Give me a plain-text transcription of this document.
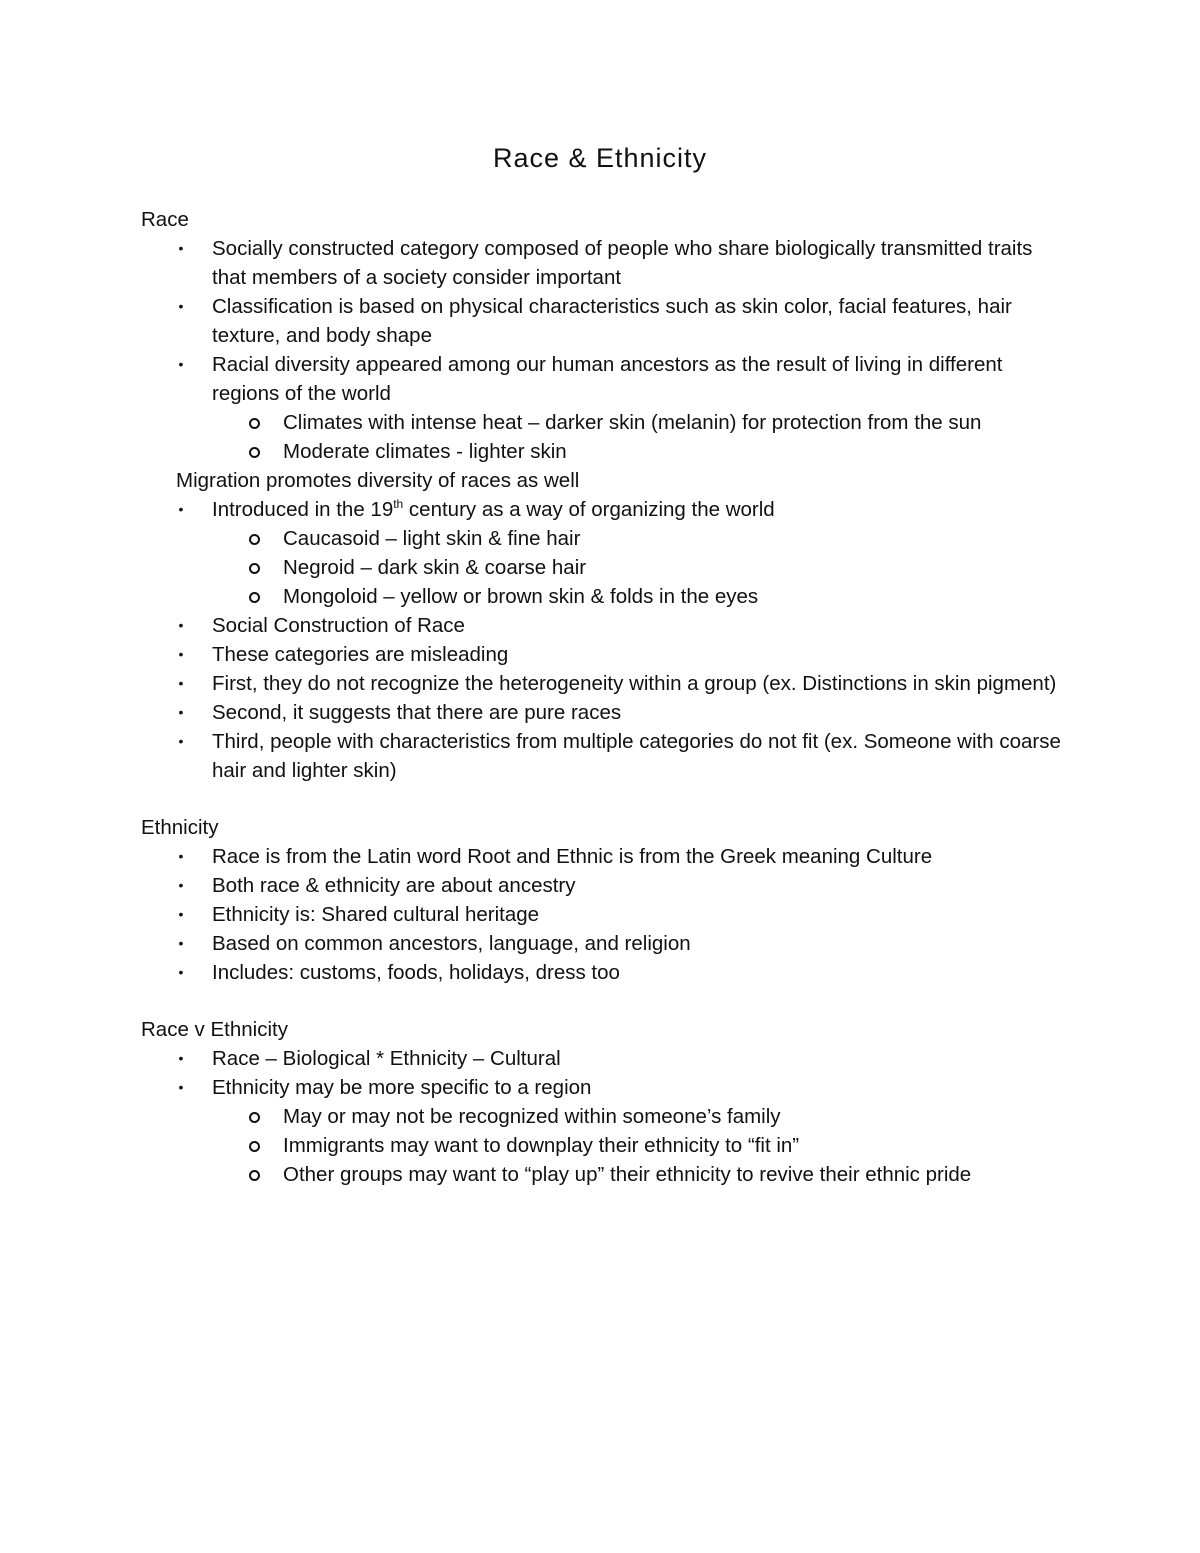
Race & Ethnicity

Race

• Socially constructed category composed of people who share biologically transmitted traits that members of a society consider important
• Classification is based on physical characteristics such as skin color, facial features, hair texture, and body shape
• Racial diversity appeared among our human ancestors as the result of living in different regions of the world
Climates with intense heat – darker skin (melanin) for protection from the sun
Moderate climates - lighter skin

Migration promotes diversity of races as well

• Introduced in the 19th century as a way of organizing the world
Caucasoid – light skin & fine hair
Negroid – dark skin & coarse hair
Mongoloid – yellow or brown skin & folds in the eyes
• Social Construction of Race
• These categories are misleading
• First, they do not recognize the heterogeneity within a group (ex. Distinctions in skin pigment)
• Second, it suggests that there are pure races
• Third, people with characteristics from multiple categories do not fit (ex. Someone with coarse hair and lighter skin)

Ethnicity

• Race is from the Latin word Root and Ethnic is from the Greek meaning Culture
• Both race & ethnicity are about ancestry
• Ethnicity is: Shared cultural heritage
• Based on common ancestors, language, and religion
• Includes: customs, foods, holidays, dress too

Race v Ethnicity

• Race – Biological * Ethnicity – Cultural
• Ethnicity may be more specific to a region
May or may not be recognized within someone’s family
Immigrants may want to downplay their ethnicity to “fit in”
Other groups may want to “play up” their ethnicity to revive their ethnic pride
